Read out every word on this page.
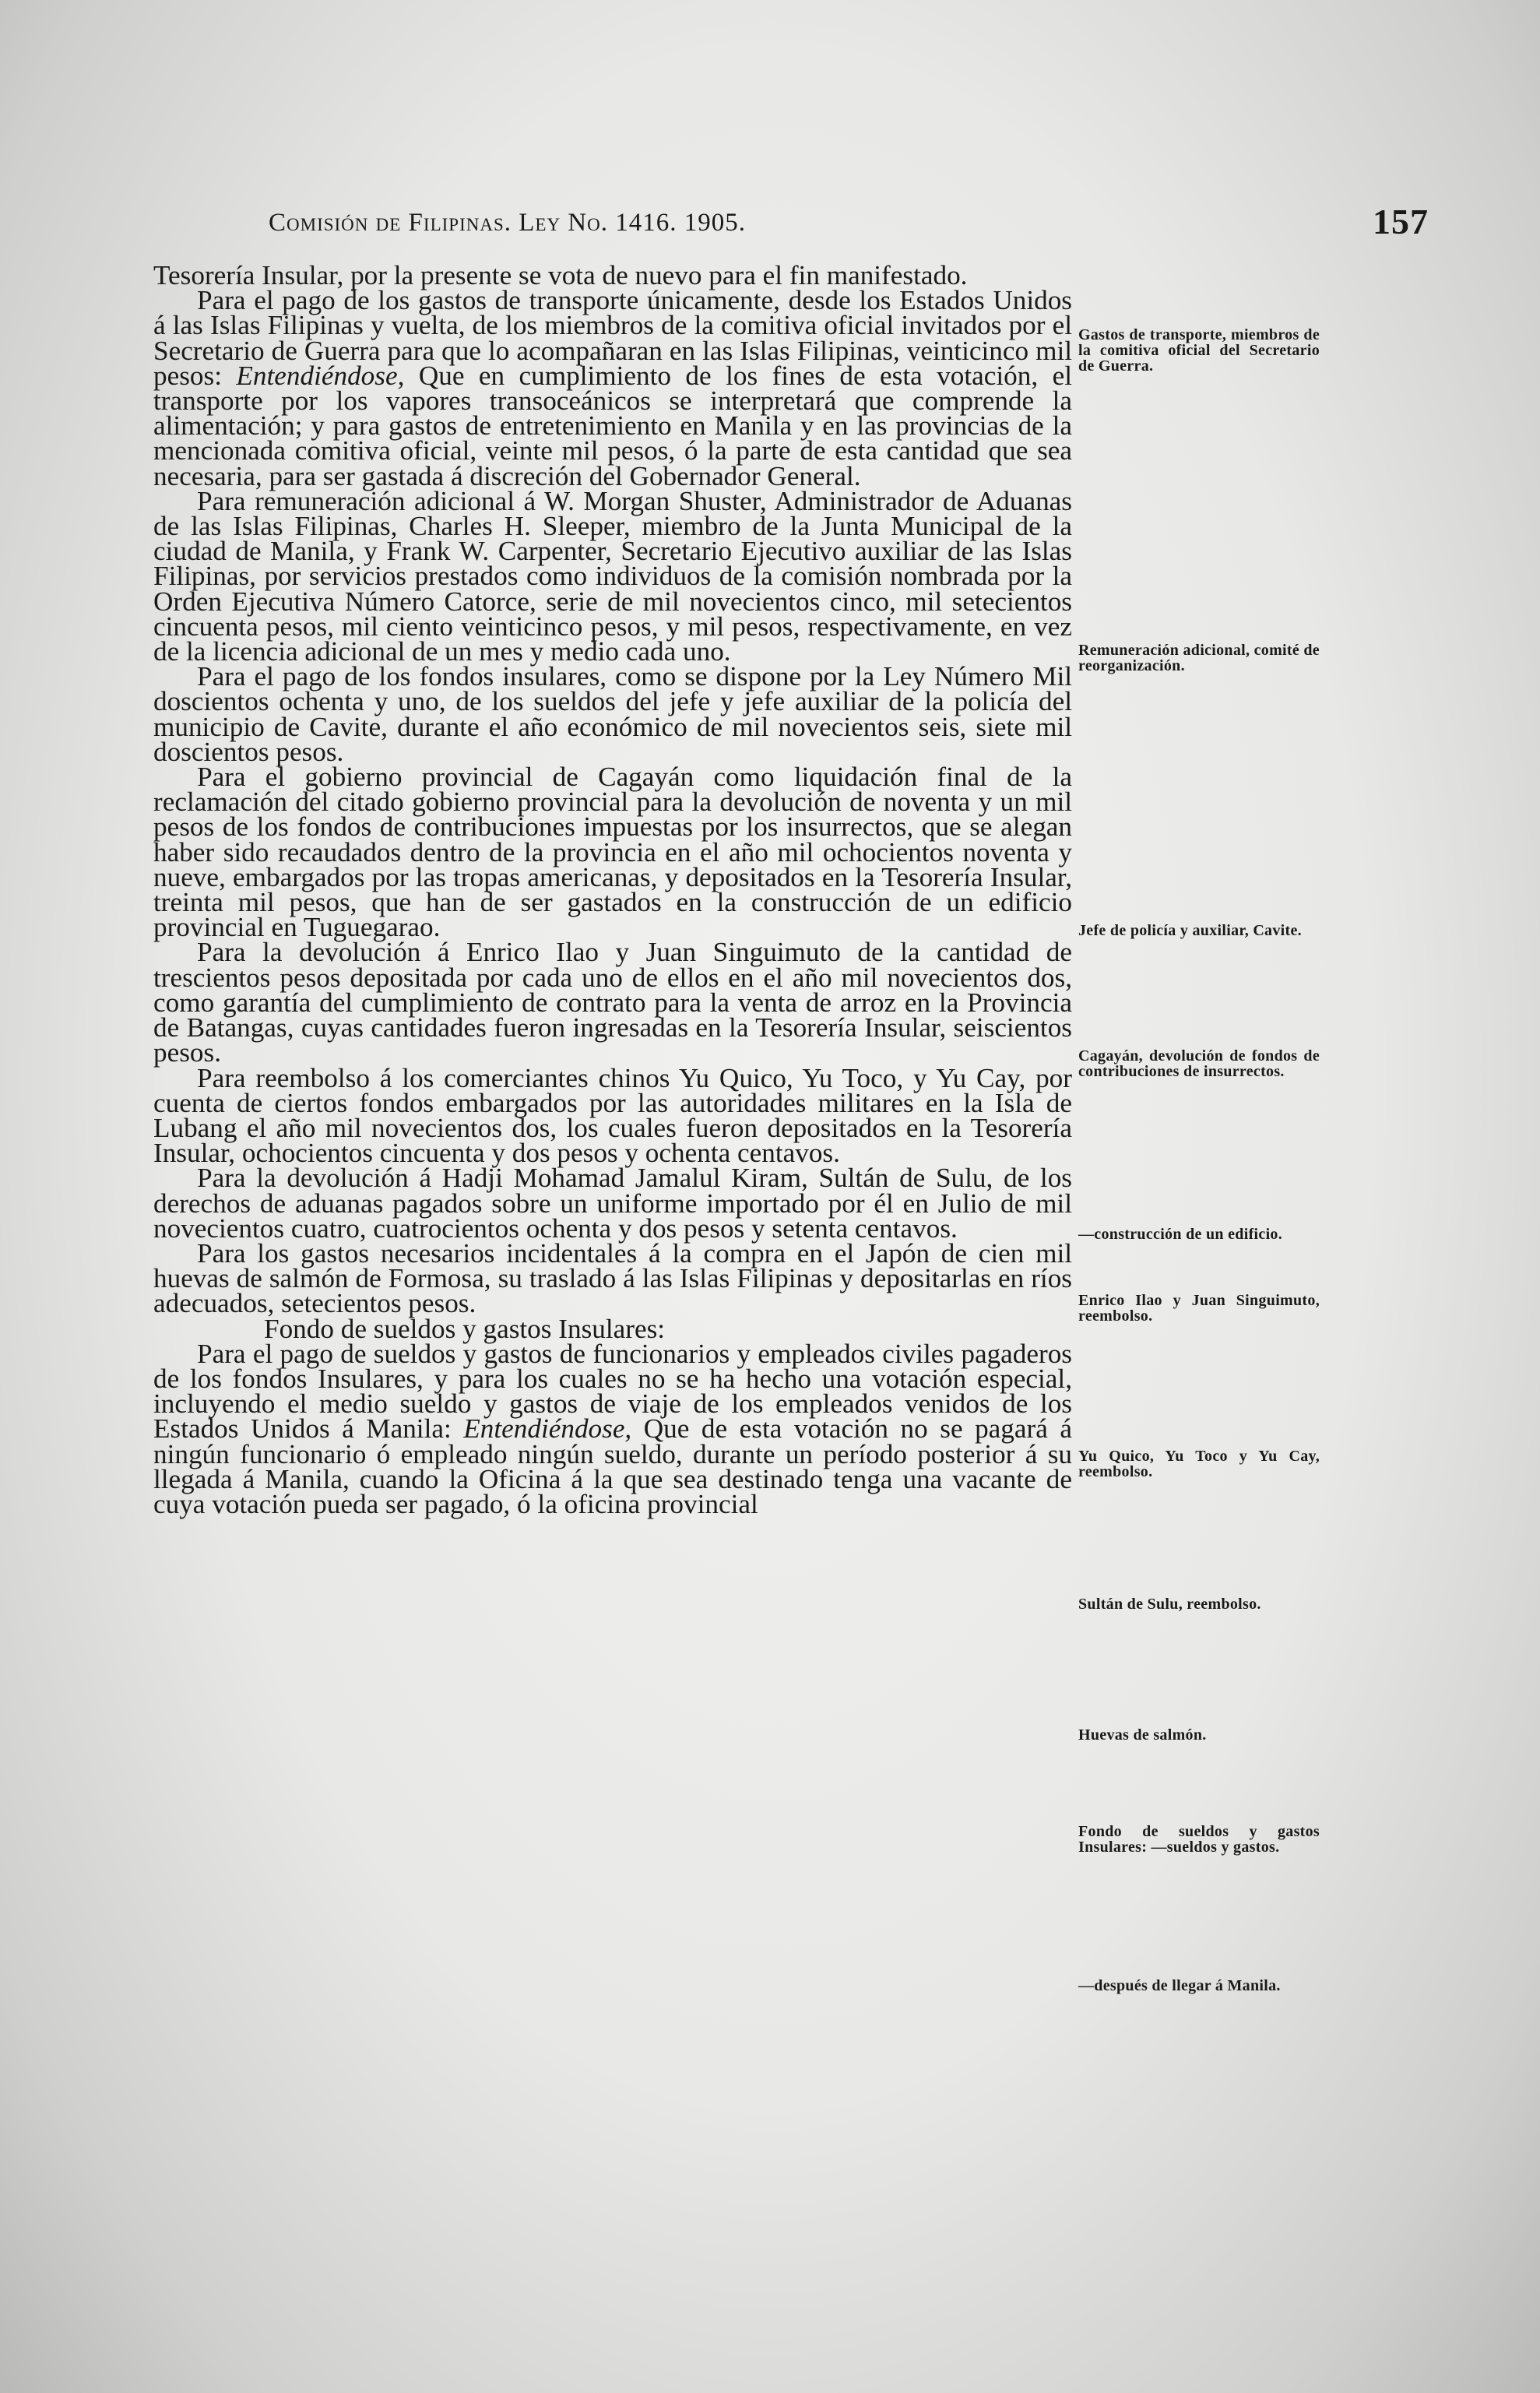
Comisión de Filipinas. Ley No. 1416. 1905.	157

Tesorería Insular, por la presente se vota de nuevo para el fin manifestado.

Para el pago de los gastos de transporte únicamente, desde los Estados Unidos á las Islas Filipinas y vuelta, de los miembros de la comitiva oficial invitados por el Secretario de Guerra para que lo acompañaran en las Islas Filipinas, veinticinco mil pesos: Entendiéndose, Que en cumplimiento de los fines de esta votación, el transporte por los vapores transoceánicos se interpretará que comprende la alimentación; y para gastos de entretenimiento en Manila y en las provincias de la mencionada comitiva oficial, veinte mil pesos, ó la parte de esta cantidad que sea necesaria, para ser gastada á discreción del Gobernador General.

Para remuneración adicional á W. Morgan Shuster, Administrador de Aduanas de las Islas Filipinas, Charles H. Sleeper, miembro de la Junta Municipal de la ciudad de Manila, y Frank W. Carpenter, Secretario Ejecutivo auxiliar de las Islas Filipinas, por servicios prestados como individuos de la comisión nombrada por la Orden Ejecutiva Número Catorce, serie de mil novecientos cinco, mil setecientos cincuenta pesos, mil ciento veinticinco pesos, y mil pesos, respectivamente, en vez de la licencia adicional de un mes y medio cada uno.

Para el pago de los fondos insulares, como se dispone por la Ley Número Mil doscientos ochenta y uno, de los sueldos del jefe y jefe auxiliar de la policía del municipio de Cavite, durante el año económico de mil novecientos seis, siete mil doscientos pesos.

Para el gobierno provincial de Cagayán como liquidación final de la reclamación del citado gobierno provincial para la devolución de noventa y un mil pesos de los fondos de contribuciones impuestas por los insurrectos, que se alegan haber sido recaudados dentro de la provincia en el año mil ochocientos noventa y nueve, embargados por las tropas americanas, y depositados en la Tesorería Insular, treinta mil pesos, que han de ser gastados en la construcción de un edificio provincial en Tuguegarao.

Para la devolución á Enrico Ilao y Juan Singuimuto de la cantidad de trescientos pesos depositada por cada uno de ellos en el año mil novecientos dos, como garantía del cumplimiento de contrato para la venta de arroz en la Provincia de Batangas, cuyas cantidades fueron ingresadas en la Tesorería Insular, seiscientos pesos.

Para reembolso á los comerciantes chinos Yu Quico, Yu Toco, y Yu Cay, por cuenta de ciertos fondos embargados por las autoridades militares en la Isla de Lubang el año mil novecientos dos, los cuales fueron depositados en la Tesorería Insular, ochocientos cincuenta y dos pesos y ochenta centavos.

Para la devolución á Hadji Mohamad Jamalul Kiram, Sultán de Sulu, de los derechos de aduanas pagados sobre un uniforme importado por él en Julio de mil novecientos cuatro, cuatrocientos ochenta y dos pesos y setenta centavos.

Para los gastos necesarios incidentales á la compra en el Japón de cien mil huevas de salmón de Formosa, su traslado á las Islas Filipinas y depositarlas en ríos adecuados, setecientos pesos.

Fondo de sueldos y gastos Insulares:

Para el pago de sueldos y gastos de funcionarios y empleados civiles pagaderos de los fondos Insulares, y para los cuales no se ha hecho una votación especial, incluyendo el medio sueldo y gastos de viaje de los empleados venidos de los Estados Unidos á Manila: Entendiéndose, Que de esta votación no se pagará á ningún funcionario ó empleado ningún sueldo, durante un período posterior á su llegada á Manila, cuando la Oficina á la que sea destinado tenga una vacante de cuya votación pueda ser pagado, ó la oficina provincial

Gastos de transporte, miembros de la comitiva oficial del Secretario de Guerra.
Remuneración adicional, comité de reorganización.
Jefe de policía y auxiliar, Cavite.
Cagayán, devolución de fondos de contribuciones de insurrectos.
—construcción de un edificio.
Enrico Ilao y Juan Singuimuto, reembolso.
Yu Quico, Yu Toco y Yu Cay, reembolso.
Sultán de Sulu, reembolso.
Huevas de salmón.
Fondo de sueldos y gastos Insulares: —sueldos y gastos.
—después de llegar á Manila.
